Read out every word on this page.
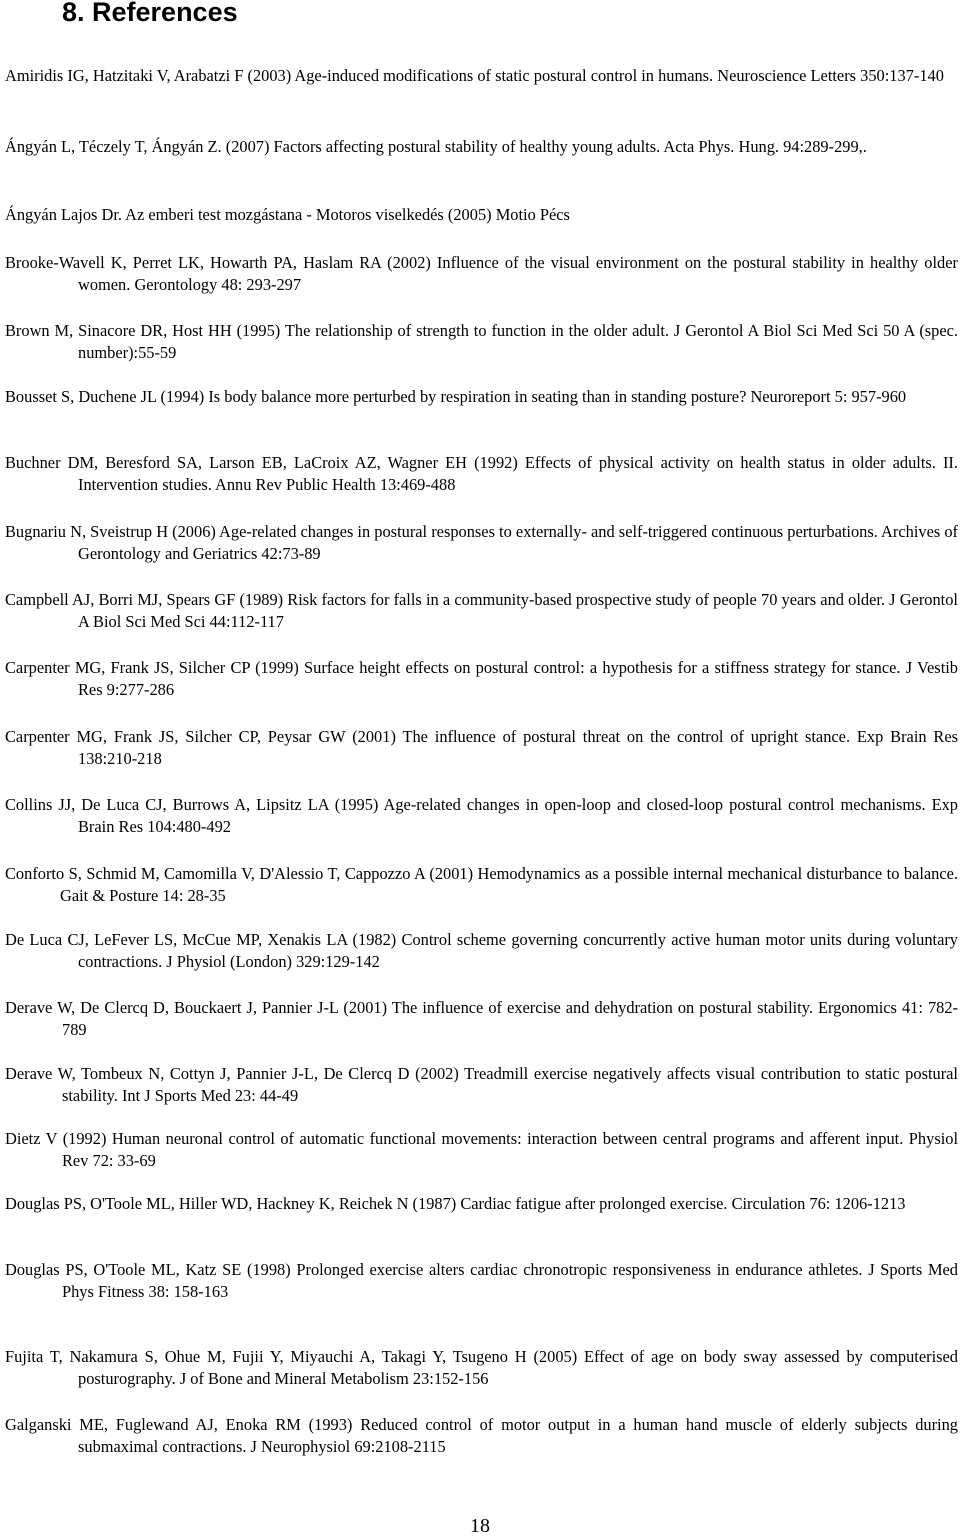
8. References

Amiridis IG, Hatzitaki V, Arabatzi F (2003) Age-induced modifications of static postural control in humans. Neuroscience Letters 350:137-140

Ángyán L, Téczely T, Ángyán Z. (2007) Factors affecting postural stability of healthy young adults. Acta Phys. Hung. 94:289-299,.

Ángyán Lajos Dr. Az emberi test mozgástana - Motoros viselkedés (2005) Motio Pécs

Brooke-Wavell K, Perret LK, Howarth PA, Haslam RA (2002) Influence of the visual environment on the postural stability in healthy older women. Gerontology 48: 293-297

Brown M, Sinacore DR, Host HH (1995) The relationship of strength to function in the older adult. J Gerontol A Biol Sci Med Sci 50 A (spec. number):55-59

Bousset S, Duchene JL (1994) Is body balance more perturbed by respiration in seating than in standing posture? Neuroreport 5: 957-960

Buchner DM, Beresford SA, Larson EB, LaCroix AZ, Wagner EH (1992) Effects of physical activity on health status in older adults. II. Intervention studies. Annu Rev Public Health 13:469-488

Bugnariu N, Sveistrup H (2006) Age-related changes in postural responses to externally- and self-triggered continuous perturbations. Archives of Gerontology and Geriatrics 42:73-89

Campbell AJ, Borri MJ, Spears GF (1989) Risk factors for falls in a community-based prospective study of people 70 years and older. J Gerontol A Biol Sci Med Sci 44:112-117

Carpenter MG, Frank JS, Silcher CP (1999) Surface height effects on postural control: a hypothesis for a stiffness strategy for stance. J Vestib Res 9:277-286

Carpenter MG, Frank JS, Silcher CP, Peysar GW (2001) The influence of postural threat on the control of upright stance. Exp Brain Res 138:210-218

Collins JJ, De Luca CJ, Burrows A, Lipsitz LA (1995) Age-related changes in open-loop and closed-loop postural control mechanisms. Exp Brain Res 104:480-492

Conforto S, Schmid M, Camomilla V, D'Alessio T, Cappozzo A (2001) Hemodynamics as a possible internal mechanical disturbance to balance. Gait & Posture 14: 28-35

De Luca CJ, LeFever LS, McCue MP, Xenakis LA (1982) Control scheme governing concurrently active human motor units during voluntary contractions. J Physiol (London) 329:129-142

Derave W, De Clercq D, Bouckaert J, Pannier J-L (2001) The influence of exercise and dehydration on postural stability. Ergonomics 41: 782-789

Derave W, Tombeux N, Cottyn J, Pannier J-L, De Clercq D (2002) Treadmill exercise negatively affects visual contribution to static postural stability. Int J Sports Med 23: 44-49

Dietz V (1992) Human neuronal control of automatic functional movements: interaction between central programs and afferent input. Physiol Rev 72: 33-69

Douglas PS, O'Toole ML, Hiller WD, Hackney K, Reichek N (1987) Cardiac fatigue after prolonged exercise. Circulation 76: 1206-1213

Douglas PS, O'Toole ML, Katz SE (1998) Prolonged exercise alters cardiac chronotropic responsiveness in endurance athletes. J Sports Med Phys Fitness 38: 158-163

Fujita T, Nakamura S, Ohue M, Fujii Y, Miyauchi A, Takagi Y, Tsugeno H (2005) Effect of age on body sway assessed by computerised posturography. J of Bone and Mineral Metabolism 23:152-156

Galganski ME, Fuglewand AJ, Enoka RM (1993) Reduced control of motor output in a human hand muscle of elderly subjects during submaximal contractions. J Neurophysiol 69:2108-2115

18
